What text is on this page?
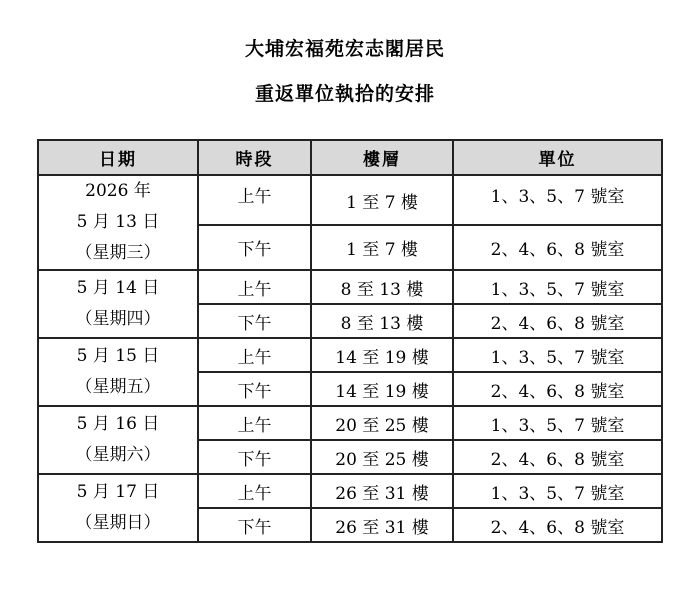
大埔宏福苑宏志閣居民
重返單位執拾的安排
日期	時段	樓層	單位

2026 年
5 月 13 日
（星期三）	上午	1 至 7 樓	1、3、5、7 號室
	下午	1 至 7 樓	2、4、6、8 號室

5 月 14 日
（星期四）	上午	8 至 13 樓	1、3、5、7 號室
	下午	8 至 13 樓	2、4、6、8 號室

5 月 15 日
（星期五）	上午	14 至 19 樓	1、3、5、7 號室
	下午	14 至 19 樓	2、4、6、8 號室

5 月 16 日
（星期六）	上午	20 至 25 樓	1、3、5、7 號室
	下午	20 至 25 樓	2、4、6、8 號室

5 月 17 日
（星期日）	上午	26 至 31 樓	1、3、5、7 號室
	下午	26 至 31 樓	2、4、6、8 號室
